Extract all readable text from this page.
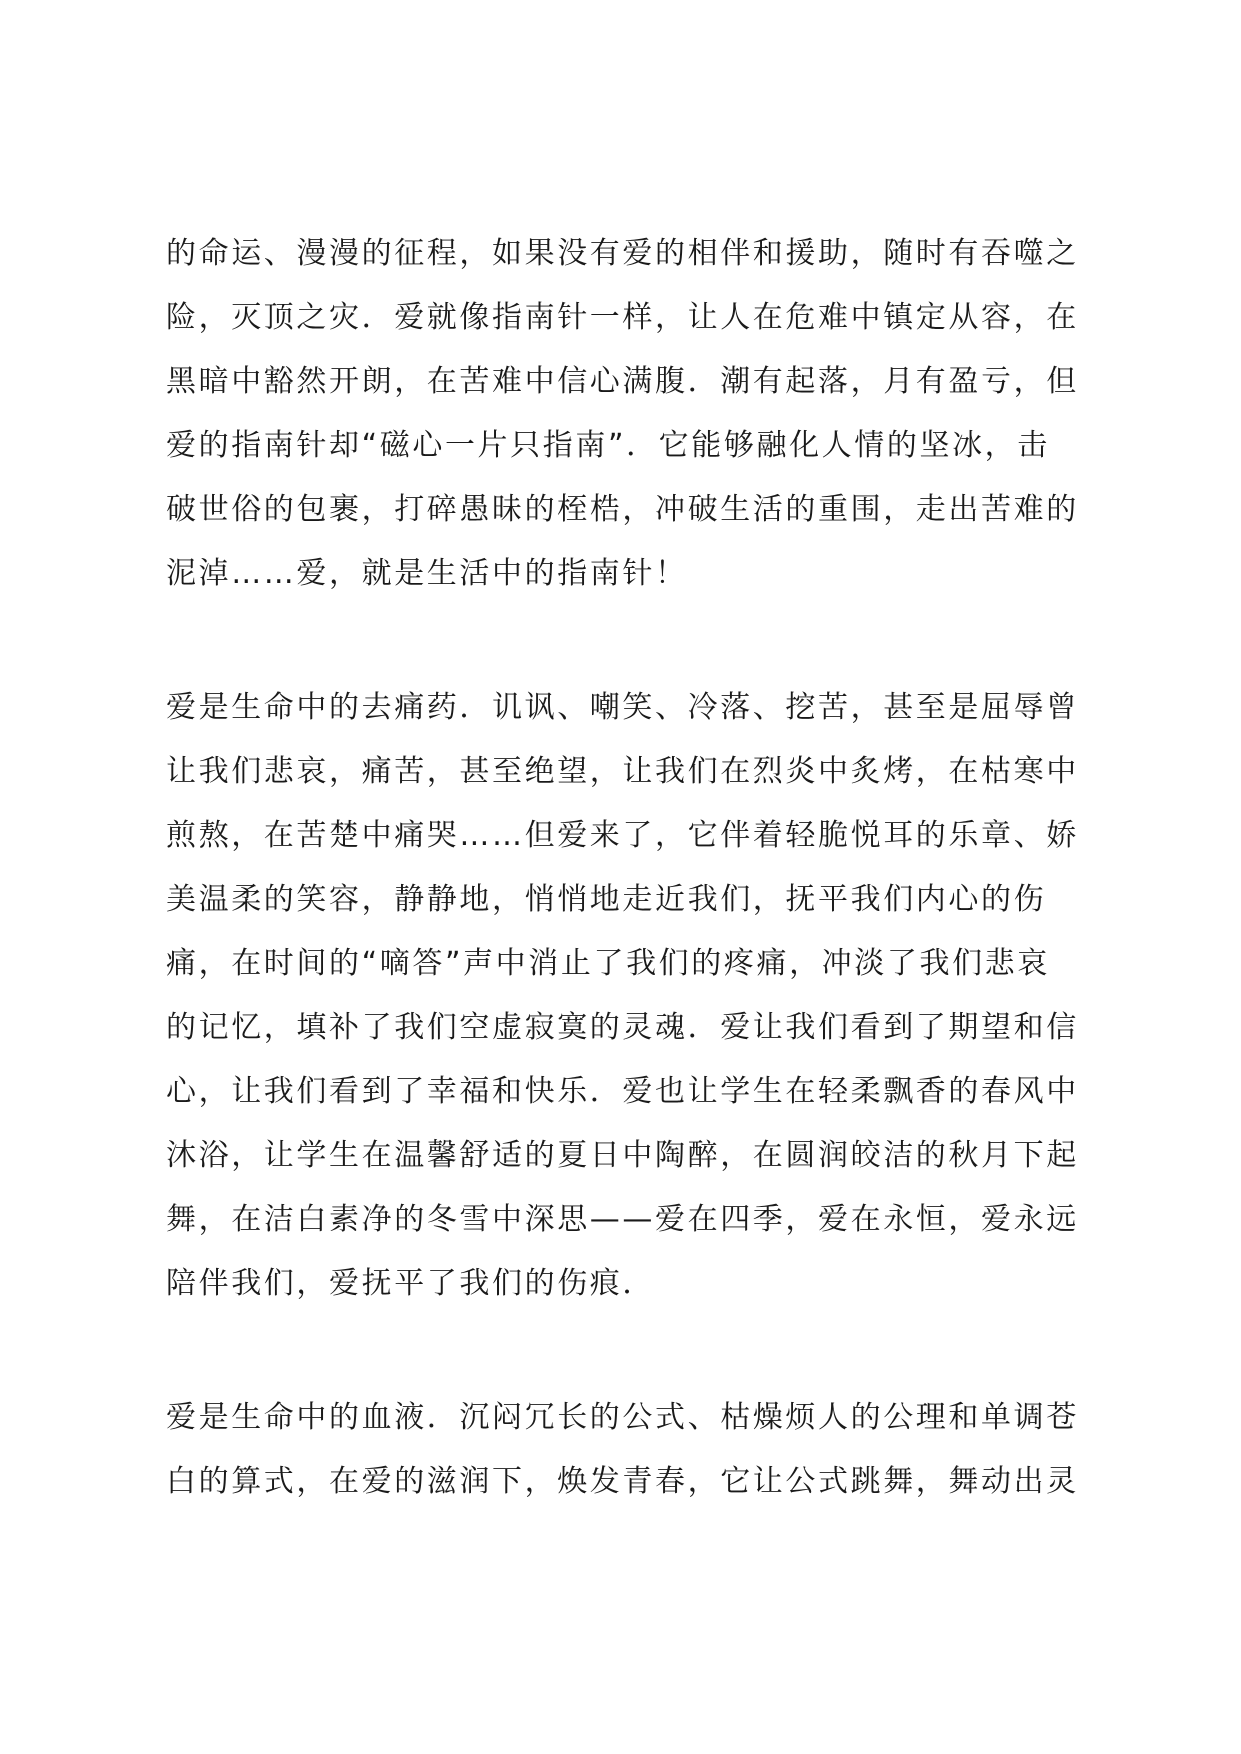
的命运、漫漫的征程，如果没有爱的相伴和援助，随时有吞噬之
险，灭顶之灾．爱就像指南针一样，让人在危难中镇定从容，在
黑暗中豁然开朗，在苦难中信心满腹．潮有起落，月有盈亏，但
爱的指南针却“磁心一片只指南”．它能够融化人情的坚冰，击
破世俗的包裹，打碎愚昧的桎梏，冲破生活的重围，走出苦难的
泥淖……爱，就是生活中的指南针！
爱是生命中的去痛药．讥讽、嘲笑、冷落、挖苦，甚至是屈辱曾
让我们悲哀，痛苦，甚至绝望，让我们在烈炎中炙烤，在枯寒中
煎熬，在苦楚中痛哭……但爱来了，它伴着轻脆悦耳的乐章、娇
美温柔的笑容，静静地，悄悄地走近我们，抚平我们内心的伤
痛，在时间的“嘀答”声中消止了我们的疼痛，冲淡了我们悲哀
的记忆，填补了我们空虚寂寞的灵魂．爱让我们看到了期望和信
心，让我们看到了幸福和快乐．爱也让学生在轻柔飘香的春风中
沐浴，让学生在温馨舒适的夏日中陶醉，在圆润皎洁的秋月下起
舞，在洁白素净的冬雪中深思——爱在四季，爱在永恒，爱永远
陪伴我们，爱抚平了我们的伤痕．
爱是生命中的血液．沉闷冗长的公式、枯燥烦人的公理和单调苍
白的算式，在爱的滋润下，焕发青春，它让公式跳舞，舞动出灵
